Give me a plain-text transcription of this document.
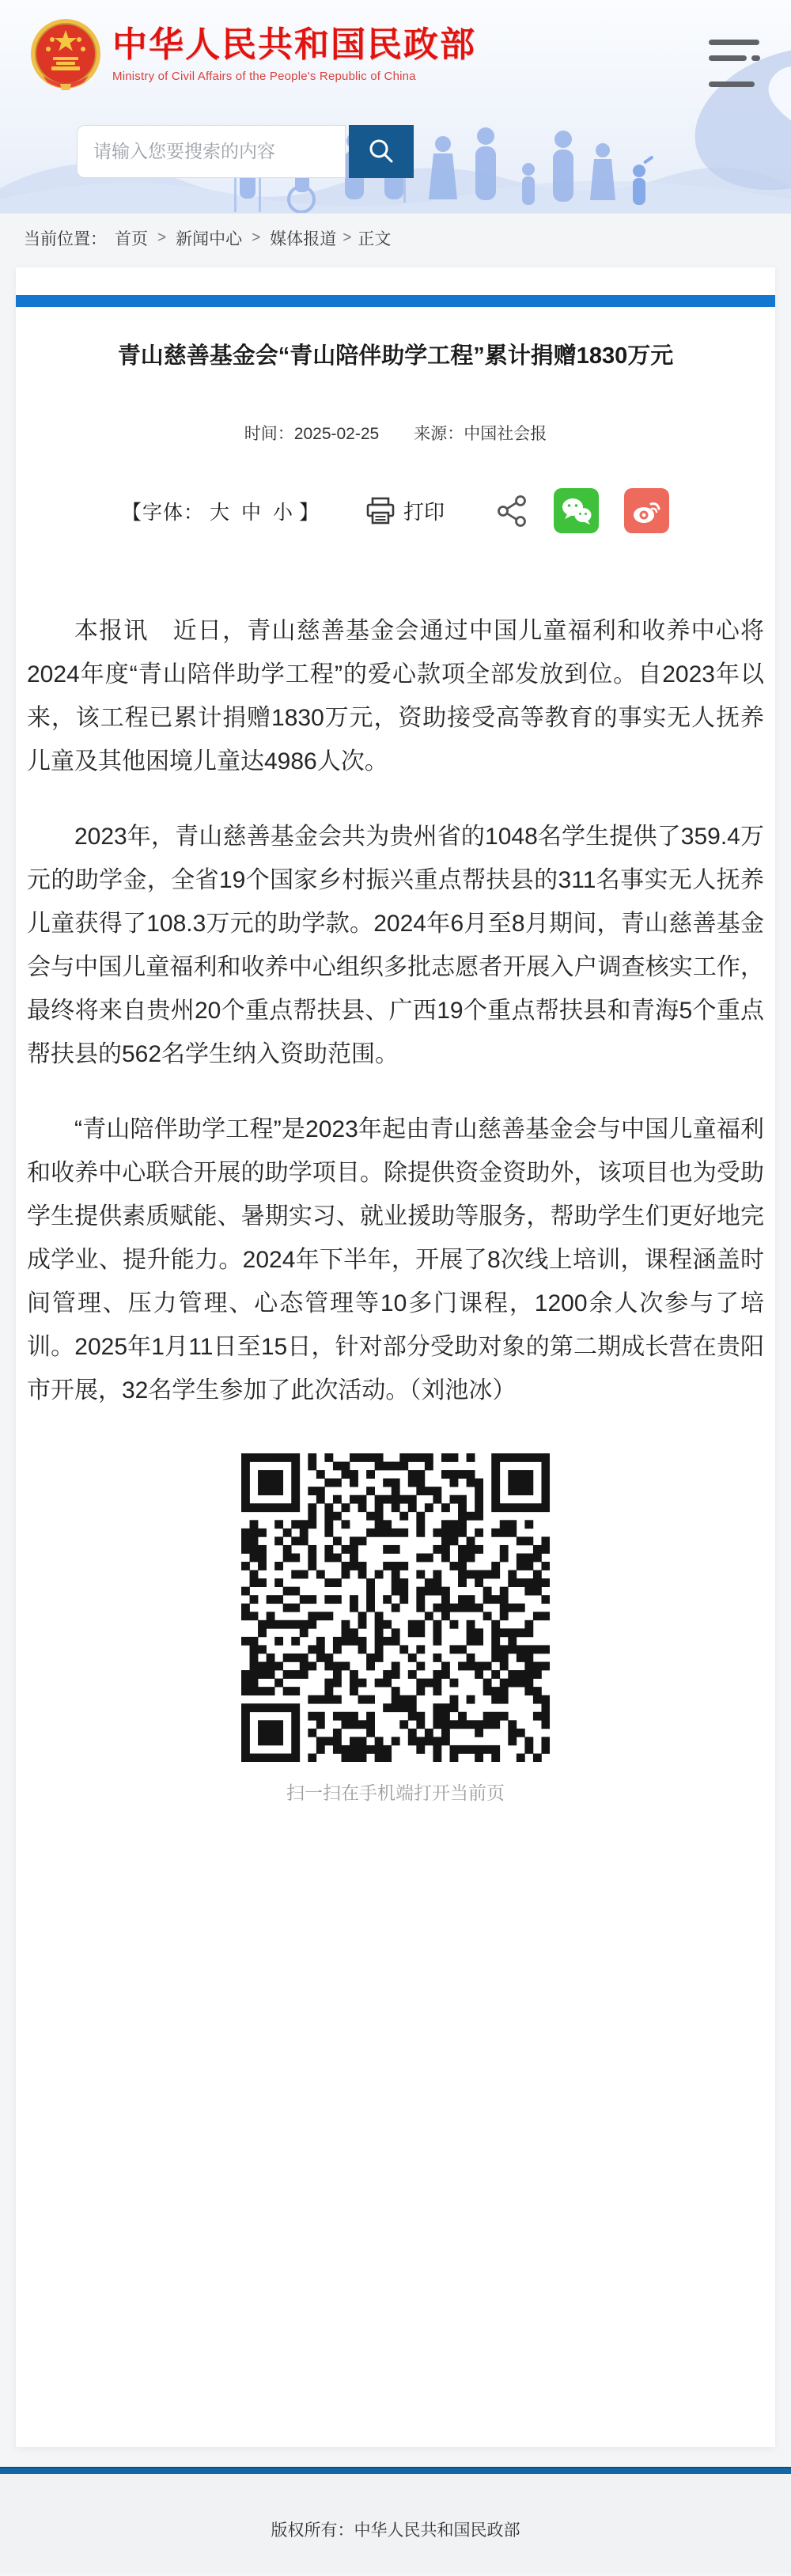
中华人民共和国民政部
Ministry of Civil Affairs of the People's Republic of China
请输入您要搜索的内容
当前位置： 首页 > 新闻中心 > 媒体报道 > 正文
青山慈善基金会“青山陪伴助学工程”累计捐赠1830万元
时间：2025-02-25 来源：中国社会报
【字体： 大 中 小 】	打印

本报讯　近日，青山慈善基金会通过中国儿童福利和收养中心将2024年度“青山陪伴助学工程”的爱心款项全部发放到位。自2023年以来，该工程已累计捐赠1830万元，资助接受高等教育的事实无人抚养儿童及其他困境儿童达4986人次。

2023年，青山慈善基金会共为贵州省的1048名学生提供了359.4万元的助学金，全省19个国家乡村振兴重点帮扶县的311名事实无人抚养儿童获得了108.3万元的助学款。2024年6月至8月期间，青山慈善基金会与中国儿童福利和收养中心组织多批志愿者开展入户调查核实工作，最终将来自贵州20个重点帮扶县、广西19个重点帮扶县和青海5个重点帮扶县的562名学生纳入资助范围。

“青山陪伴助学工程”是2023年起由青山慈善基金会与中国儿童福利和收养中心联合开展的助学项目。除提供资金资助外，该项目也为受助学生提供素质赋能、暑期实习、就业援助等服务，帮助学生们更好地完成学业、提升能力。2024年下半年，开展了8次线上培训，课程涵盖时间管理、压力管理、心态管理等10多门课程，1200余人次参与了培训。2025年1月11日至15日，针对部分受助对象的第二期成长营在贵阳市开展，32名学生参加了此次活动。（刘池冰）

扫一扫在手机端打开当前页
版权所有：中华人民共和国民政部
